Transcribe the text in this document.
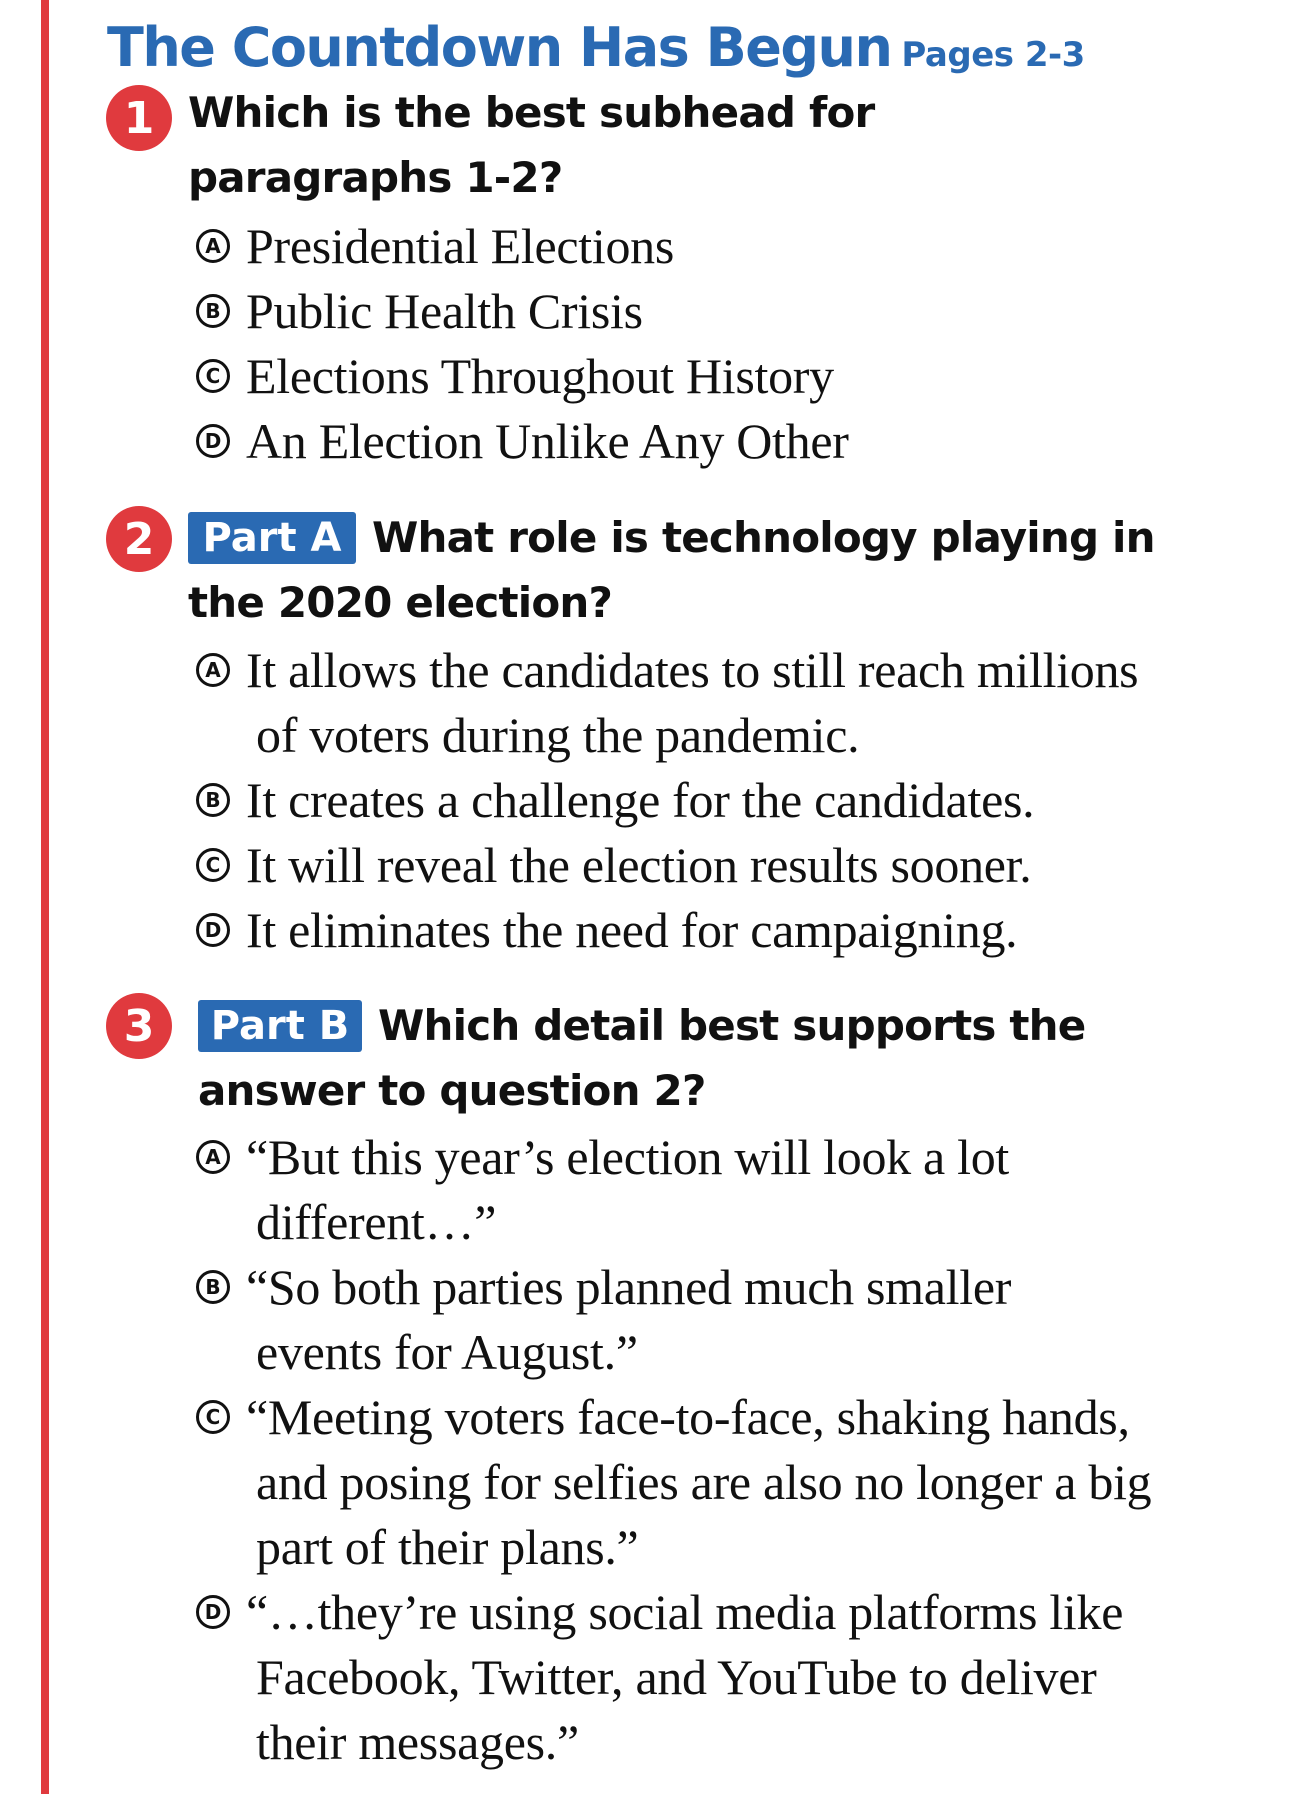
The Countdown Has Begun Pages 2-3
1 Which is the best subhead for
paragraphs 1-2?
A Presidential Elections
B Public Health Crisis
C Elections Throughout History
D An Election Unlike Any Other
2	Part A What role is technology playing in
the 2020 election?
A It allows the candidates to still reach millions
of voters during the pandemic.
B It creates a challenge for the candidates.
C It will reveal the election results sooner.
D It eliminates the need for campaigning.
3	Part B Which detail best supports the
answer to question 2?
A “But this year’s election will look a lot
different…”
B “So both parties planned much smaller
events for August.”
C “Meeting voters face-to-face, shaking hands,
and posing for selfies are also no longer a big
part of their plans.”
D “…they’re using social media platforms like
Facebook, Twitter, and YouTube to deliver
their messages.”
